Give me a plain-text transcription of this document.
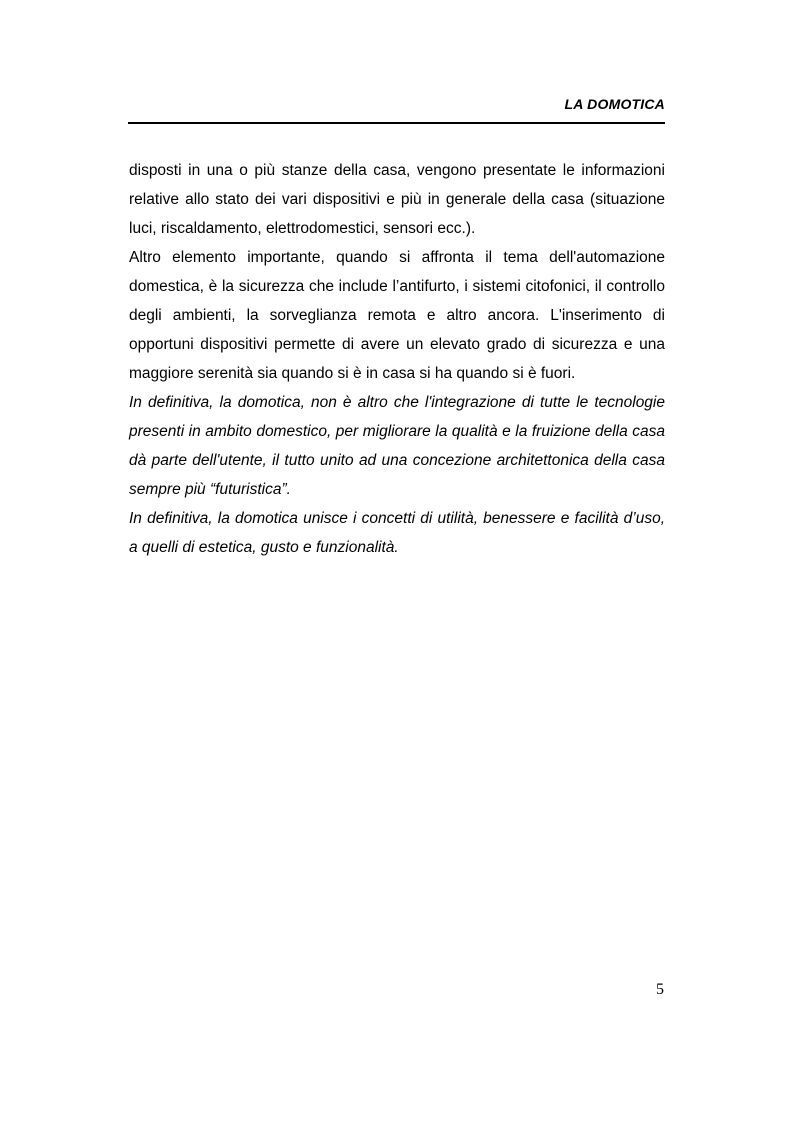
LA DOMOTICA

disposti in una o più stanze della casa, vengono presentate le informazioni relative allo stato dei vari dispositivi e più in generale della casa (situazione luci, riscaldamento, elettrodomestici, sensori ecc.).

Altro elemento importante, quando si affronta il tema dell'automazione domestica, è la sicurezza che include l’antifurto, i sistemi citofonici, il controllo degli ambienti, la sorveglianza remota e altro ancora. L'inserimento di opportuni dispositivi permette di avere un elevato grado di sicurezza e una maggiore serenità sia quando si è in casa si ha quando si è fuori.

In definitiva, la domotica, non è altro che l'integrazione di tutte le tecnologie presenti in ambito domestico, per migliorare la qualità e la fruizione della casa dà parte dell'utente, il tutto unito ad una concezione architettonica della casa sempre più “futuristica”.

In definitiva, la domotica unisce i concetti di utilità, benessere e facilità d’uso, a quelli di estetica, gusto e funzionalità.

5
